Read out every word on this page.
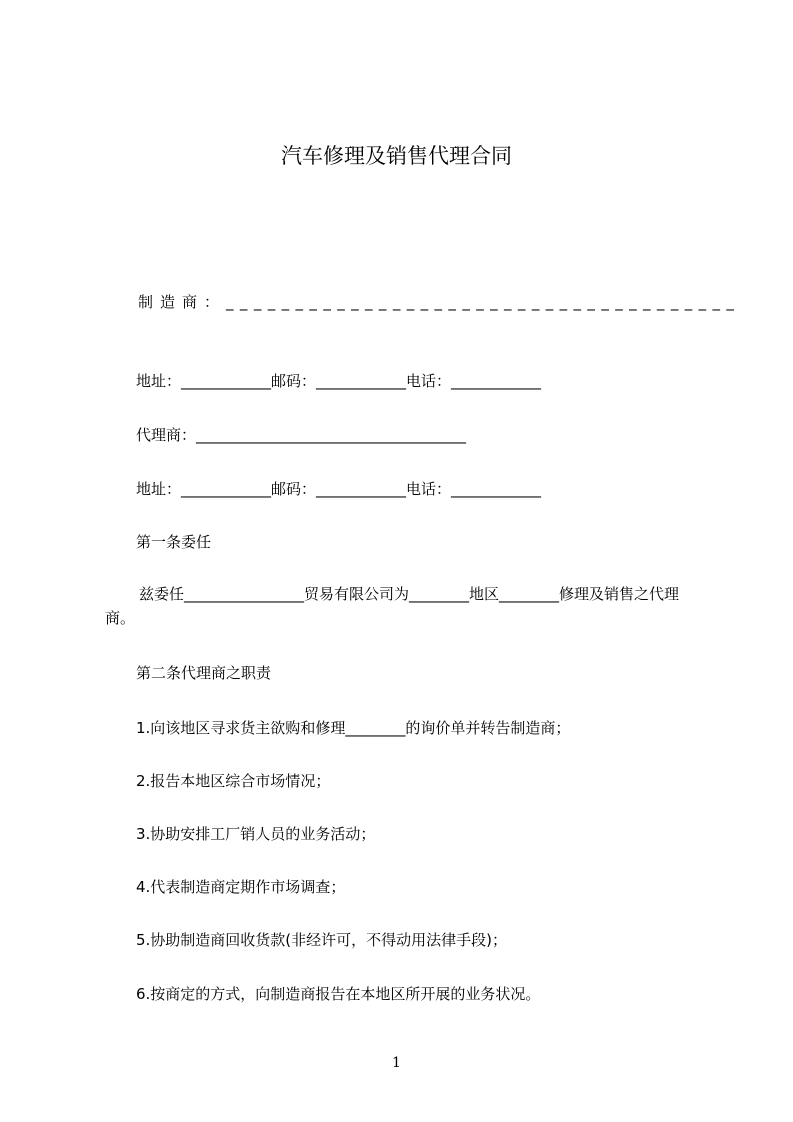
汽车修理及销售代理合同

制造商：_____________________________________

地址：____________邮码：____________电话：____________

代理商：____________________________________

地址：____________邮码：____________电话：____________

第一条委任

兹委任________________贸易有限公司为________地区________修理及销售之代理商。

第二条代理商之职责

1.向该地区寻求货主欲购和修理________的询价单并转告制造商；

2.报告本地区综合市场情况；

3.协助安排工厂销人员的业务活动；

4.代表制造商定期作市场调查；

5.协助制造商回收货款(非经许可，不得动用法律手段)；

6.按商定的方式，向制造商报告在本地区所开展的业务状况。

1
